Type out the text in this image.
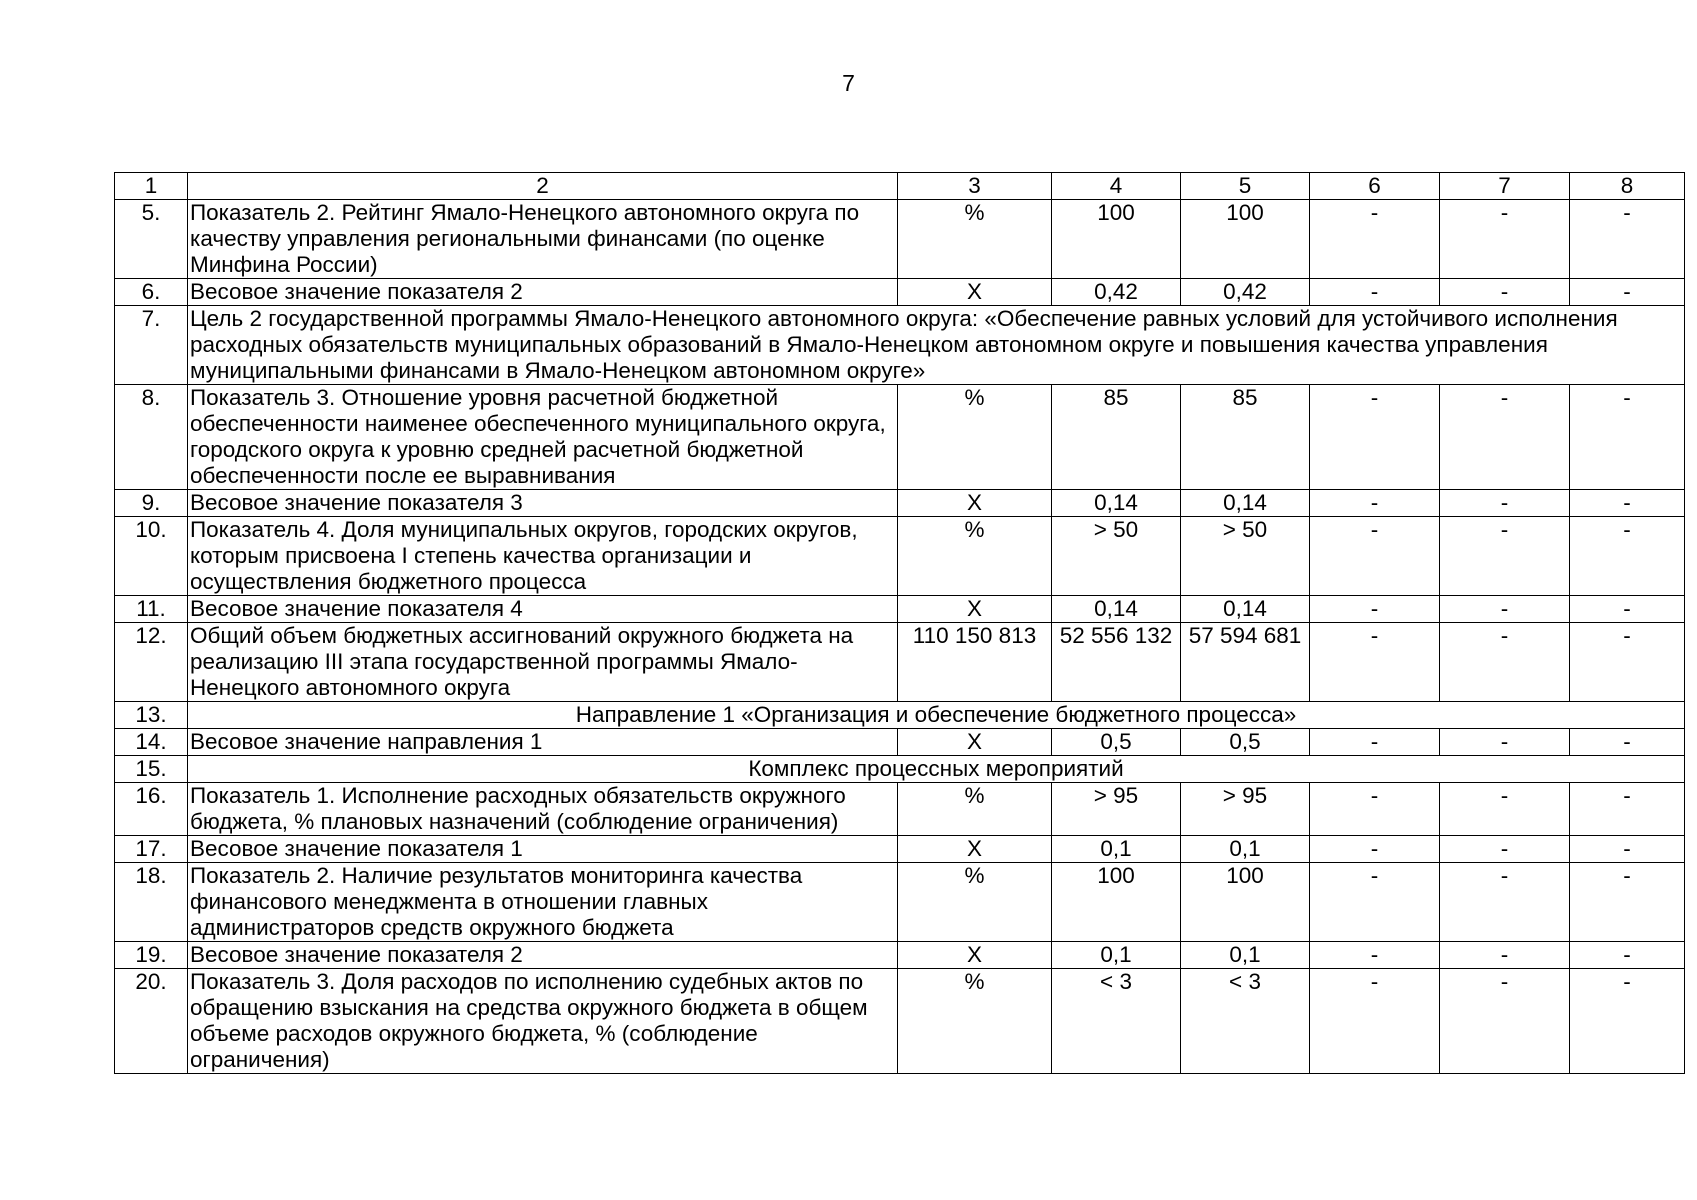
7
1	2	3	4	5	6	7	8
5.	Показатель 2. Рейтинг Ямало-Ненецкого автономного округа по качеству управления региональными финансами (по оценке Минфина России)	%	100	100	-	-	-
6.	Весовое значение показателя 2	X	0,42	0,42	-	-	-
7.	Цель 2 государственной программы Ямало-Ненецкого автономного округа: «Обеспечение равных условий для устойчивого исполнения расходных обязательств муниципальных образований в Ямало-Ненецком автономном округе и повышения качества управления муниципальными финансами в Ямало-Ненецком автономном округе»						
8.	Показатель 3. Отношение уровня расчетной бюджетной обеспеченности наименее обеспеченного муниципального округа, городского округа к уровню средней расчетной бюджетной обеспеченности после ее выравнивания	%	85	85	-	-	-
9.	Весовое значение показателя 3	X	0,14	0,14	-	-	-
10.	Показатель 4. Доля муниципальных округов, городских округов, которым присвоена I степень качества организации и осуществления бюджетного процесса	%	> 50	> 50	-	-	-
11.	Весовое значение показателя 4	X	0,14	0,14	-	-	-
12.	Общий объем бюджетных ассигнований окружного бюджета на реализацию III этапа государственной программы Ямало-Ненецкого автономного округа	110 150 813	52 556 132	57 594 681	-	-	-
13.	Направление 1 «Организация и обеспечение бюджетного процесса»						
14.	Весовое значение направления 1	X	0,5	0,5	-	-	-
15.	Комплекс процессных мероприятий						
16.	Показатель 1. Исполнение расходных обязательств окружного бюджета, % плановых назначений (соблюдение ограничения)	%	> 95	> 95	-	-	-
17.	Весовое значение показателя 1	X	0,1	0,1	-	-	-
18.	Показатель 2. Наличие результатов мониторинга качества финансового менеджмента в отношении главных администраторов средств окружного бюджета	%	100	100	-	-	-
19.	Весовое значение показателя 2	X	0,1	0,1	-	-	-
20.	Показатель 3. Доля расходов по исполнению судебных актов по обращению взыскания на средства окружного бюджета в общем объеме расходов окружного бюджета, % (соблюдение ограничения)	%	< 3	< 3	-	-	-
